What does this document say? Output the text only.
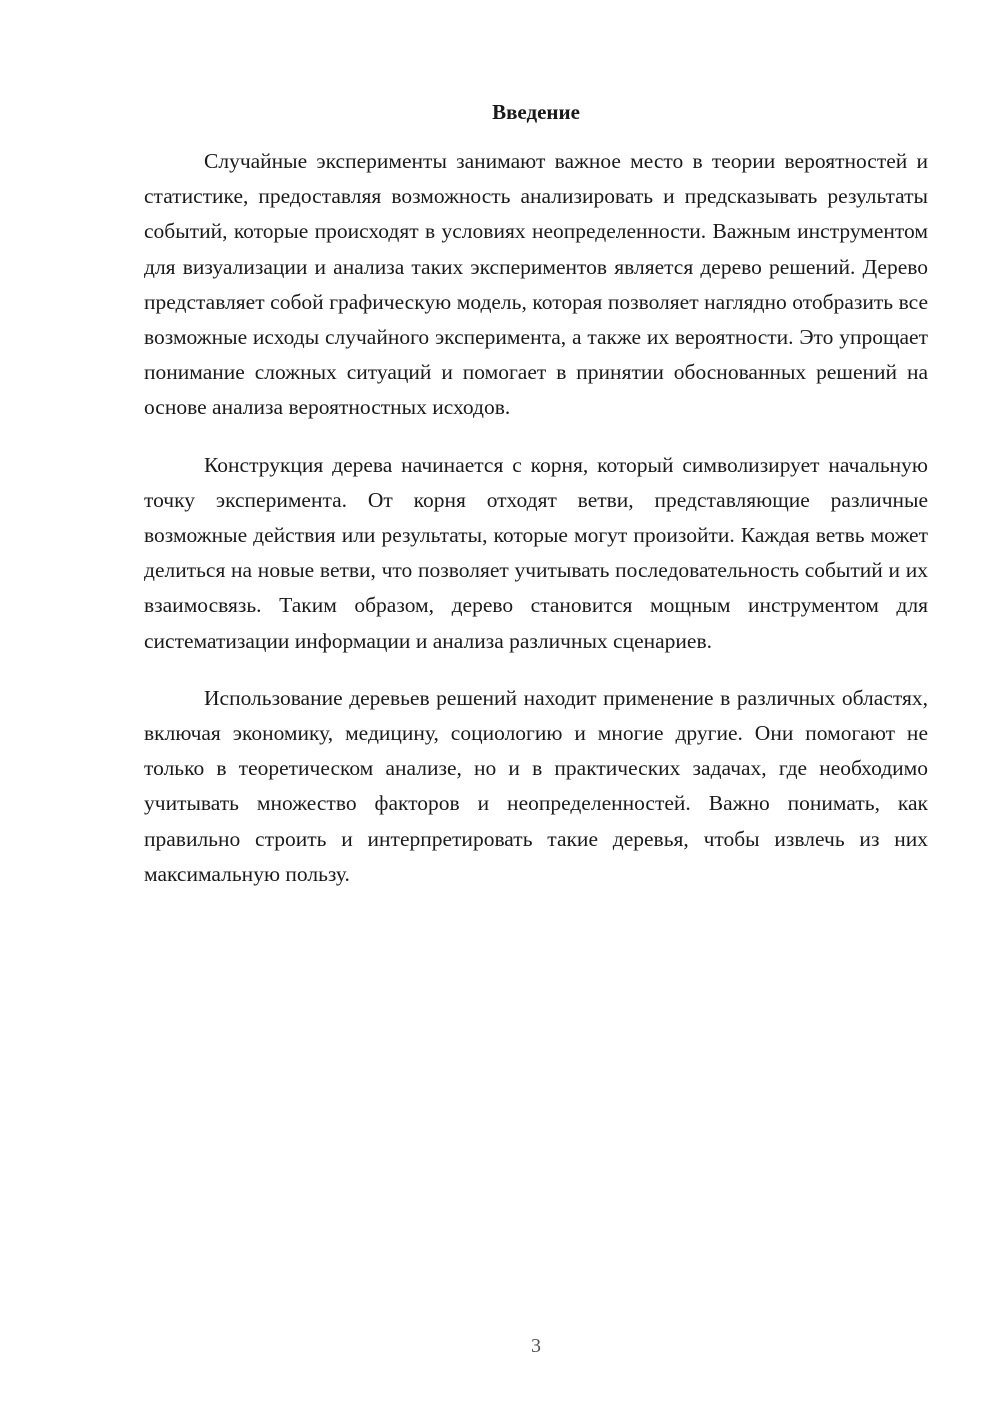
Введение

Случайные эксперименты занимают важное место в теории вероятностей и статистике, предоставляя возможность анализировать и предсказывать результаты событий, которые происходят в условиях неопределенности. Важным инструментом для визуализации и анализа таких экспериментов является дерево решений. Дерево представляет собой графическую модель, которая позволяет наглядно отобразить все возможные исходы случайного эксперимента, а также их вероятности. Это упрощает понимание сложных ситуаций и помогает в принятии обоснованных решений на основе анализа вероятностных исходов.

Конструкция дерева начинается с корня, который символизирует начальную точку эксперимента. От корня отходят ветви, представляющие различные возможные действия или результаты, которые могут произойти. Каждая ветвь может делиться на новые ветви, что позволяет учитывать последовательность событий и их взаимосвязь. Таким образом, дерево становится мощным инструментом для систематизации информации и анализа различных сценариев.

Использование деревьев решений находит применение в различных областях, включая экономику, медицину, социологию и многие другие. Они помогают не только в теоретическом анализе, но и в практических задачах, где необходимо учитывать множество факторов и неопределенностей. Важно понимать, как правильно строить и интерпретировать такие деревья, чтобы извлечь из них максимальную пользу.

3
